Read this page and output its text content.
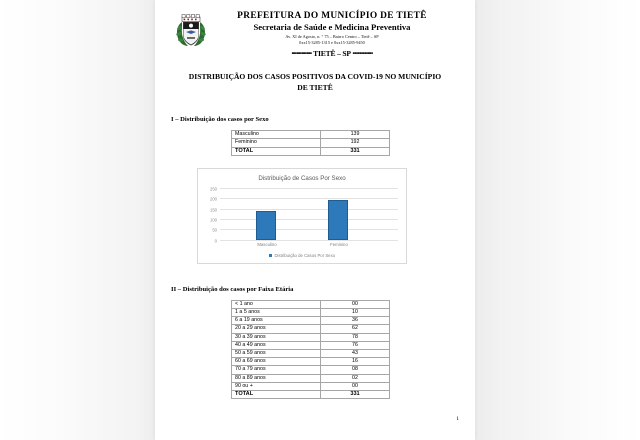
PREFEITURA DO MUNICÍPIO DE TIETÊ
Secretaria de Saúde e Medicina Preventiva
Av. XI de Agosto, n. ° 75 – Bairro Centro – Tietê – SP
0xx15-3285-1315 e 0xx15-3285-9450
▪▪▪▪▪▪▪▪▪▪▪▪ TIETÊ – SP ▪▪▪▪▪▪▪▪▪▪▪▪
DISTRIBUIÇÃO DOS CASOS POSITIVOS DA COVID-19 NO MUNICÍPIO DE TIETÊ
I – Distribuição dos casos por Sexo
Masculino	139
Feminino	192
TOTAL	331
Distribuição de Casos Por Sexo
250
200
150
100
50
0
Masculino	Feminino
Distribuição de Casos Por Sexo
II – Distribuição dos casos por Faixa Etária
< 1 ano	00
1 a 5 anos	10
6 a 19 anos	36
20 a 29 anos	62
30 a 39 anos	78
40 a 49 anos	76
50 a 59 anos	43
60 a 69 anos	16
70 a 79 anos	08
80 a 89 anos	02
90 ou +	00
TOTAL	331
1
